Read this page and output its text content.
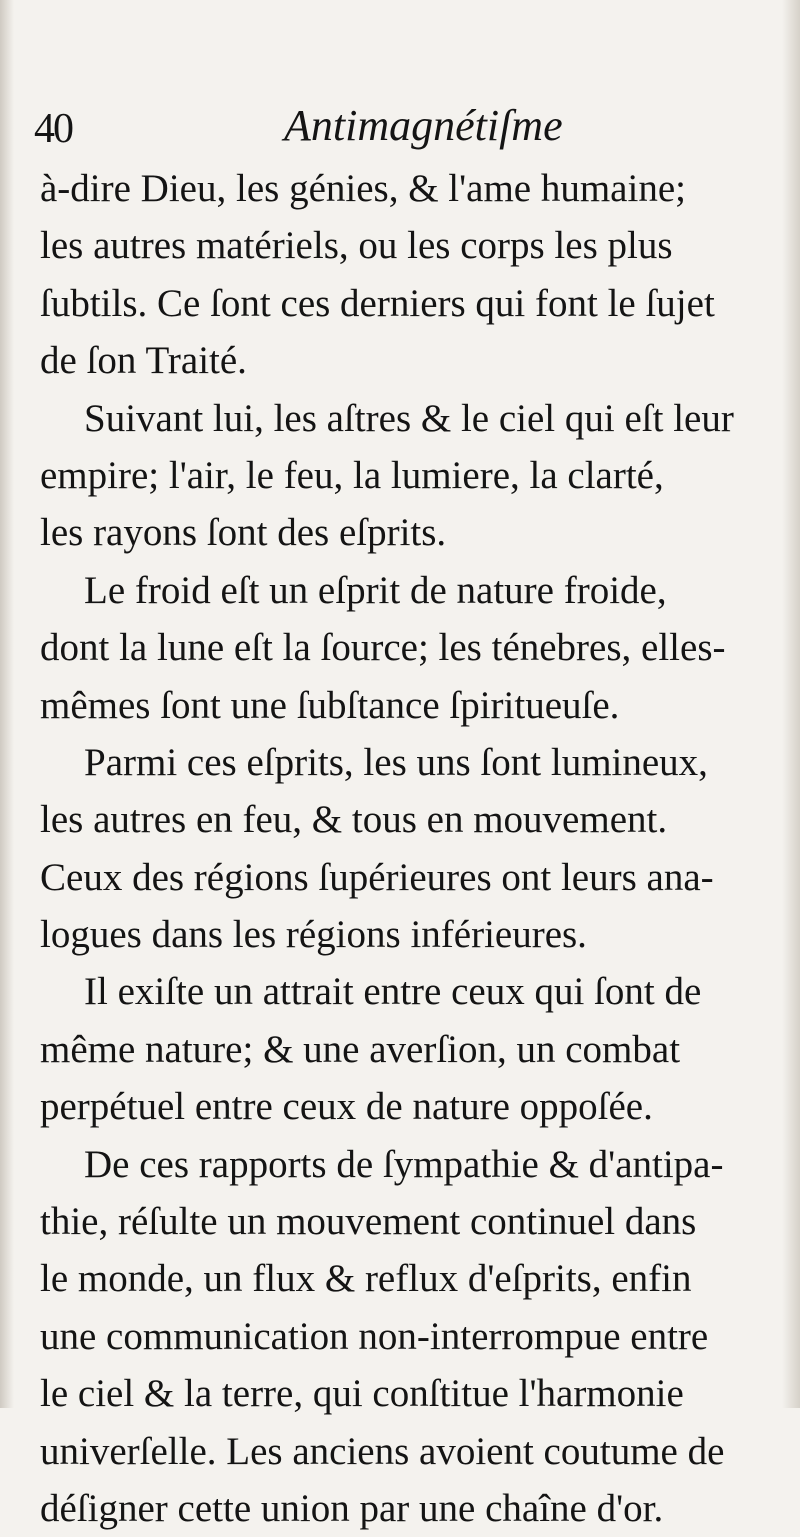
40	Antimagnétiſme
à-dire Dieu, les génies, & l'ame humaine;
les autres matériels, ou les corps les plus
ſubtils. Ce ſont ces derniers qui font le ſujet
de ſon Traité.
Suivant lui, les aſtres & le ciel qui eſt leur
empire; l'air, le feu, la lumiere, la clarté,
les rayons ſont des eſprits.
Le froid eſt un eſprit de nature froide,
dont la lune eſt la ſource; les ténebres, elles-
mêmes ſont une ſubſtance ſpiritueuſe.
Parmi ces eſprits, les uns ſont lumineux,
les autres en feu, & tous en mouvement.
Ceux des régions ſupérieures ont leurs ana-
logues dans les régions inférieures.
Il exiſte un attrait entre ceux qui ſont de
même nature; & une averſion, un combat
perpétuel entre ceux de nature oppoſée.
De ces rapports de ſympathie & d'antipa-
thie, réſulte un mouvement continuel dans
le monde, un flux & reflux d'eſprits, enfin
une communication non-interrompue entre
le ciel & la terre, qui conſtitue l'harmonie
univerſelle. Les anciens avoient coutume de
déſigner cette union par une chaîne d'or.
